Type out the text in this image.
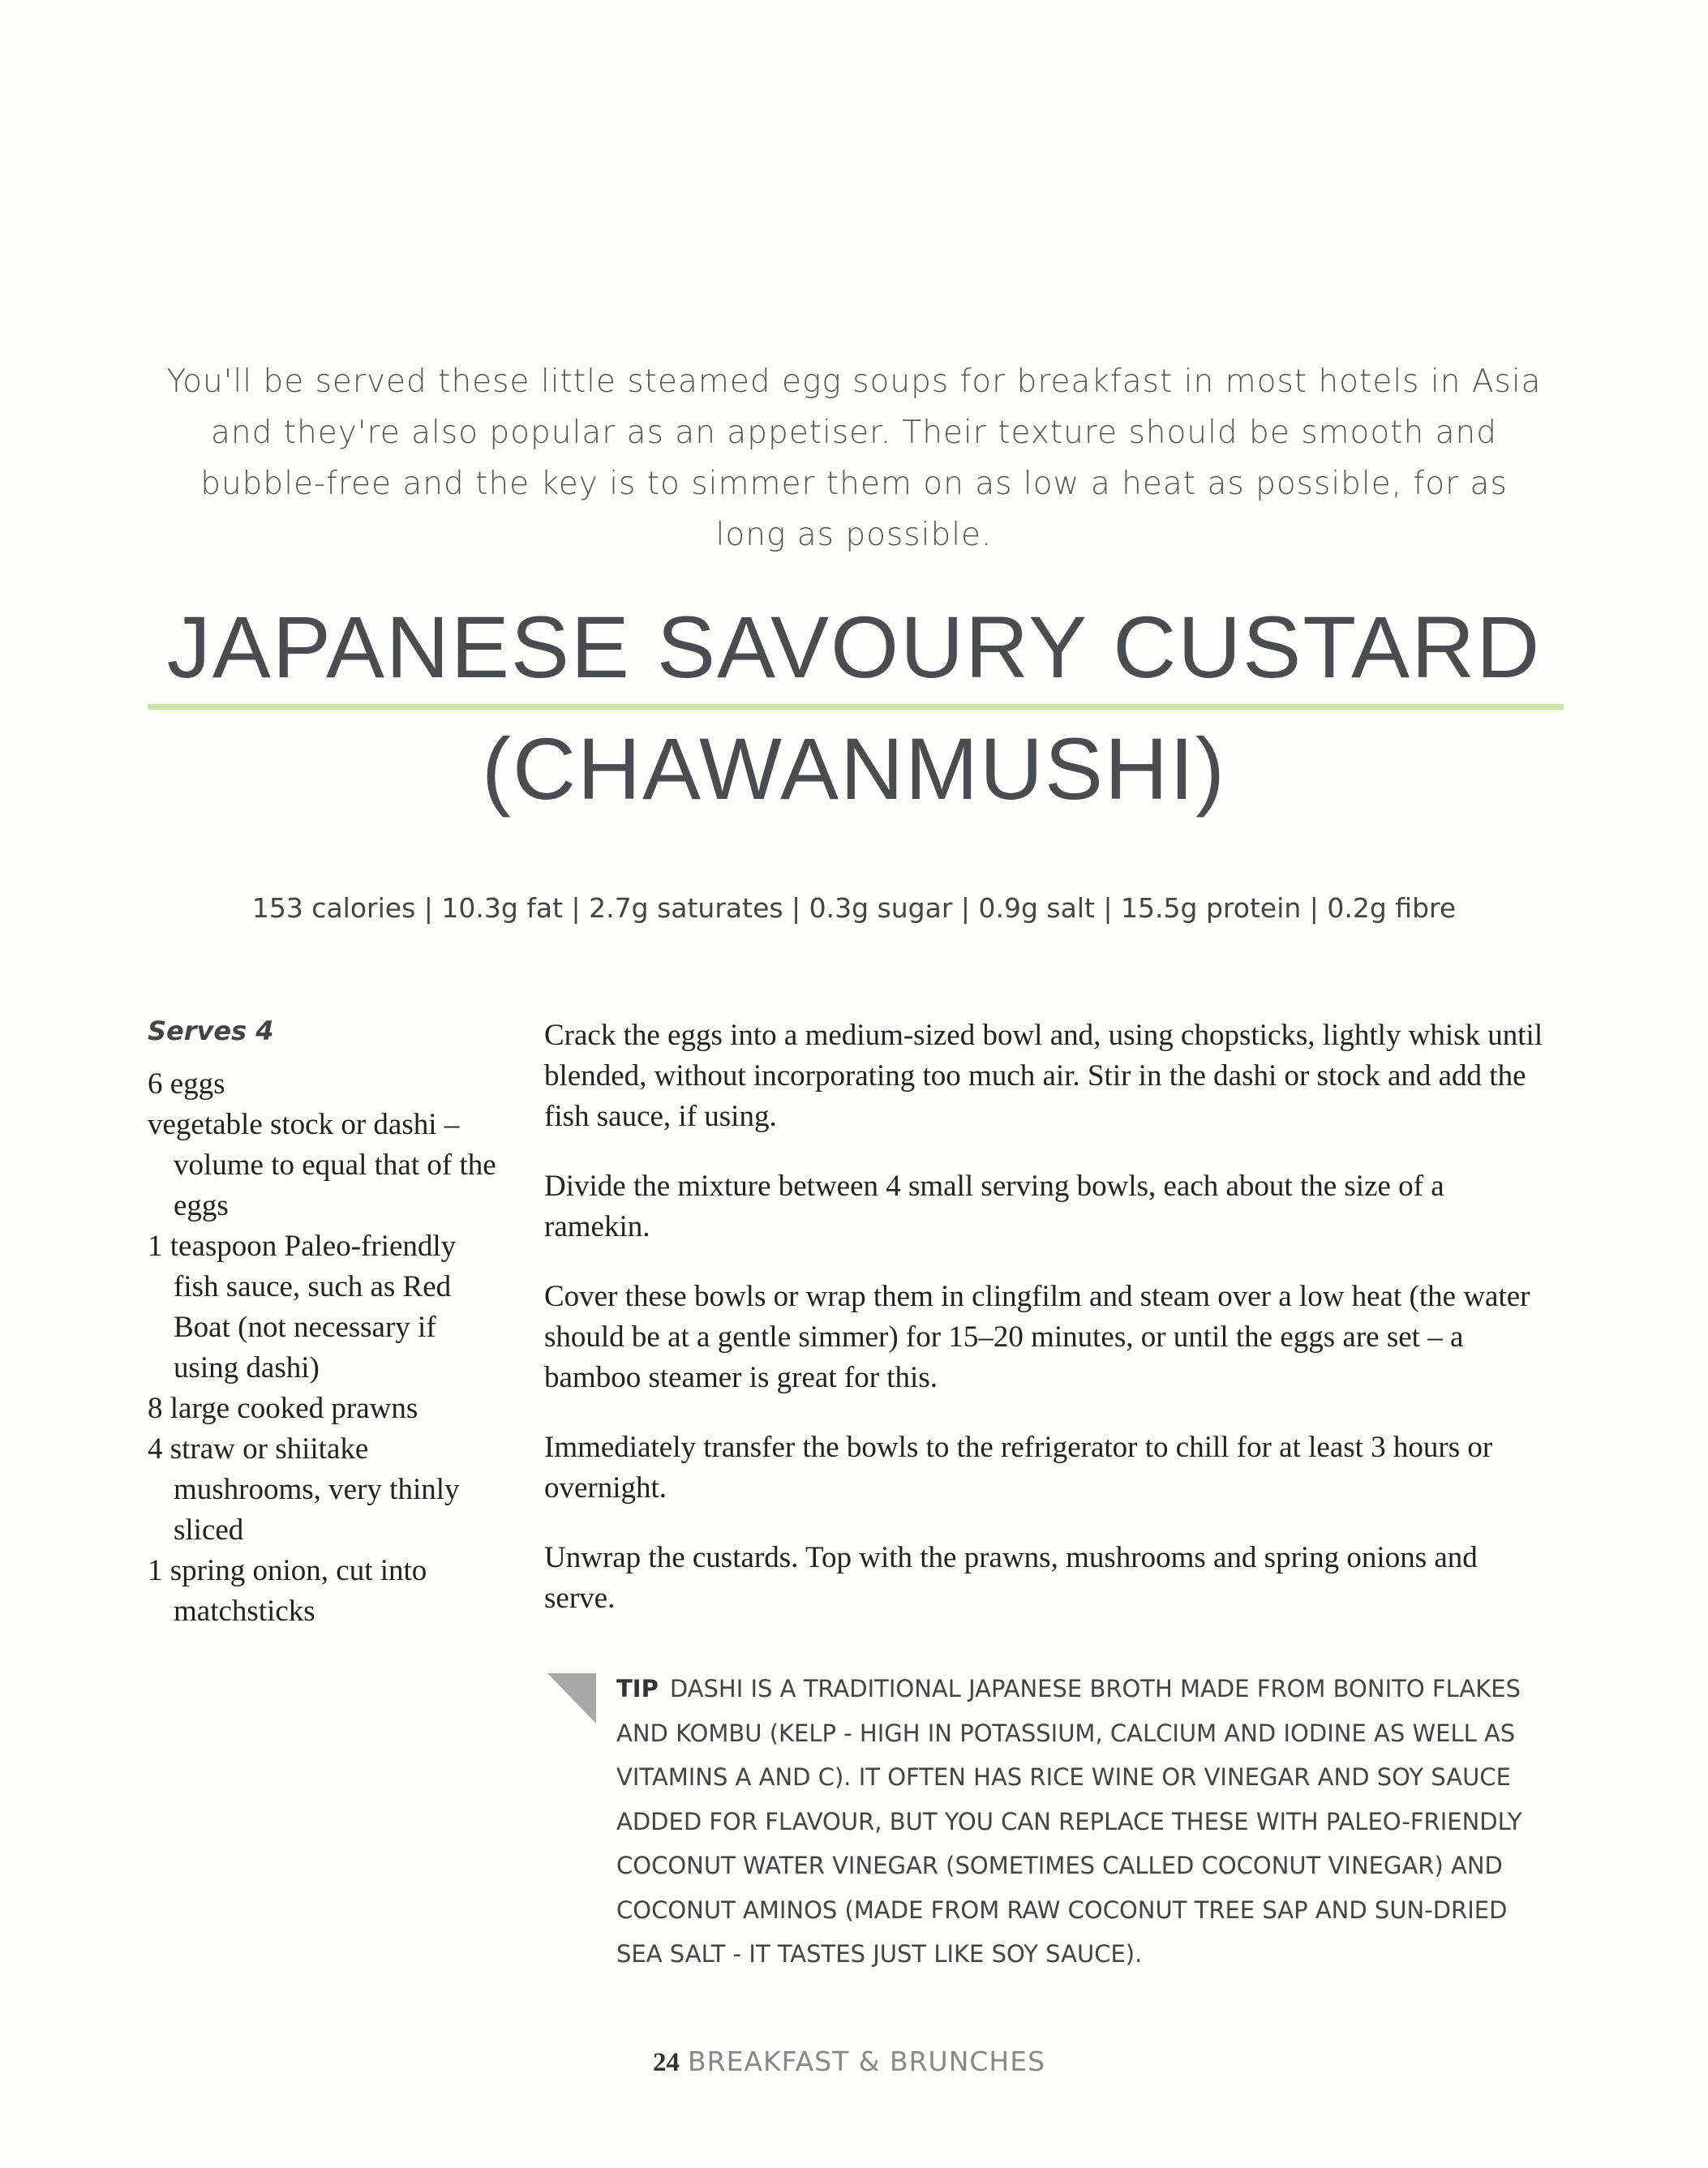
You'll be served these little steamed egg soups for breakfast in most hotels in Asia and they're also popular as an appetiser. Their texture should be smooth and bubble-free and the key is to simmer them on as low a heat as possible, for as long as possible.

JAPANESE SAVOURY CUSTARD
(CHAWANMUSHI)
153 calories | 10.3g fat | 2.7g saturates | 0.3g sugar | 0.9g salt | 15.5g protein | 0.2g fibre
Serves 4
6 eggs
vegetable stock or dashi – volume to equal that of the eggs
1 teaspoon Paleo-friendly fish sauce, such as Red Boat (not necessary if using dashi)
8 large cooked prawns
4 straw or shiitake mushrooms, very thinly sliced
1 spring onion, cut into matchsticks

Crack the eggs into a medium-sized bowl and, using chopsticks, lightly whisk until blended, without incorporating too much air. Stir in the dashi or stock and add the fish sauce, if using.

Divide the mixture between 4 small serving bowls, each about the size of a ramekin.

Cover these bowls or wrap them in clingfilm and steam over a low heat (the water should be at a gentle simmer) for 15–20 minutes, or until the eggs are set – a bamboo steamer is great for this.

Immediately transfer the bowls to the refrigerator to chill for at least 3 hours or overnight.

Unwrap the custards. Top with the prawns, mushrooms and spring onions and serve.

TIP DASHI IS A TRADITIONAL JAPANESE BROTH MADE FROM BONITO FLAKES AND KOMBU (KELP - HIGH IN POTASSIUM, CALCIUM AND IODINE AS WELL AS VITAMINS A AND C). IT OFTEN HAS RICE WINE OR VINEGAR AND SOY SAUCE ADDED FOR FLAVOUR, BUT YOU CAN REPLACE THESE WITH PALEO-FRIENDLY COCONUT WATER VINEGAR (SOMETIMES CALLED COCONUT VINEGAR) AND COCONUT AMINOS (MADE FROM RAW COCONUT TREE SAP AND SUN-DRIED SEA SALT - IT TASTES JUST LIKE SOY SAUCE).
24 BREAKFAST & BRUNCHES
